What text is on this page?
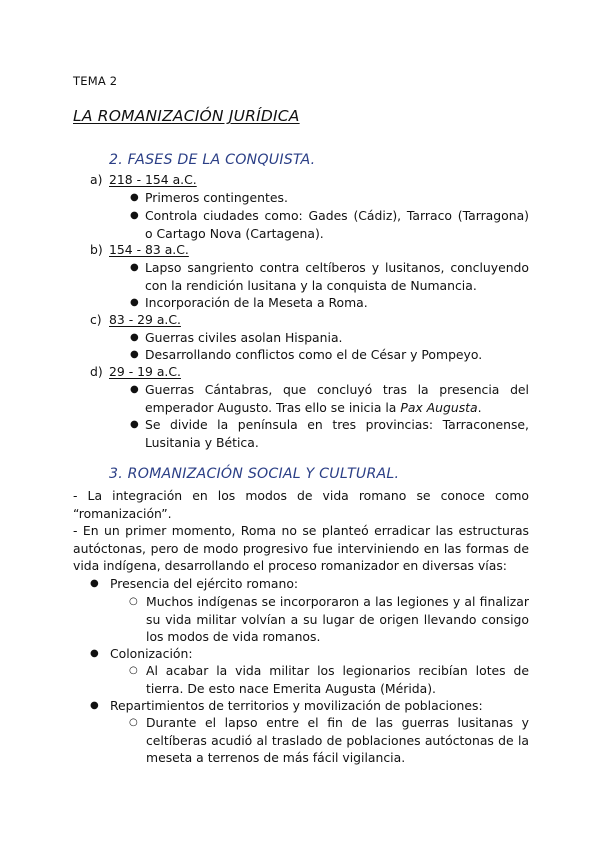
TEMA 2
LA ROMANIZACIÓN JURÍDICA
2. FASES DE LA CONQUISTA.
a) 218 - 154 a.C.
● Primeros contingentes.
● Controla ciudades como: Gades (Cádiz), Tarraco (Tarragona) o Cartago Nova (Cartagena).
b) 154 - 83 a.C.
● Lapso sangriento contra celtíberos y lusitanos, concluyendo con la rendición lusitana y la conquista de Numancia.
● Incorporación de la Meseta a Roma.
c) 83 - 29 a.C.
● Guerras civiles asolan Hispania.
● Desarrollando conflictos como el de César y Pompeyo.
d) 29 - 19 a.C.
● Guerras Cántabras, que concluyó tras la presencia del emperador Augusto. Tras ello se inicia la Pax Augusta.
● Se divide la península en tres provincias: Tarraconense, Lusitania y Bética.
3. ROMANIZACIÓN SOCIAL Y CULTURAL.
- La integración en los modos de vida romano se conoce como “romanización”.
- En un primer momento, Roma no se planteó erradicar las estructuras autóctonas, pero de modo progresivo fue interviniendo en las formas de vida indígena, desarrollando el proceso romanizador en diversas vías:
● Presencia del ejército romano:
○ Muchos indígenas se incorporaron a las legiones y al finalizar su vida militar volvían a su lugar de origen llevando consigo los modos de vida romanos.
● Colonización:
○ Al acabar la vida militar los legionarios recibían lotes de tierra. De esto nace Emerita Augusta (Mérida).
● Repartimientos de territorios y movilización de poblaciones:
○ Durante el lapso entre el fin de las guerras lusitanas y celtíberas acudió al traslado de poblaciones autóctonas de la meseta a terrenos de más fácil vigilancia.
